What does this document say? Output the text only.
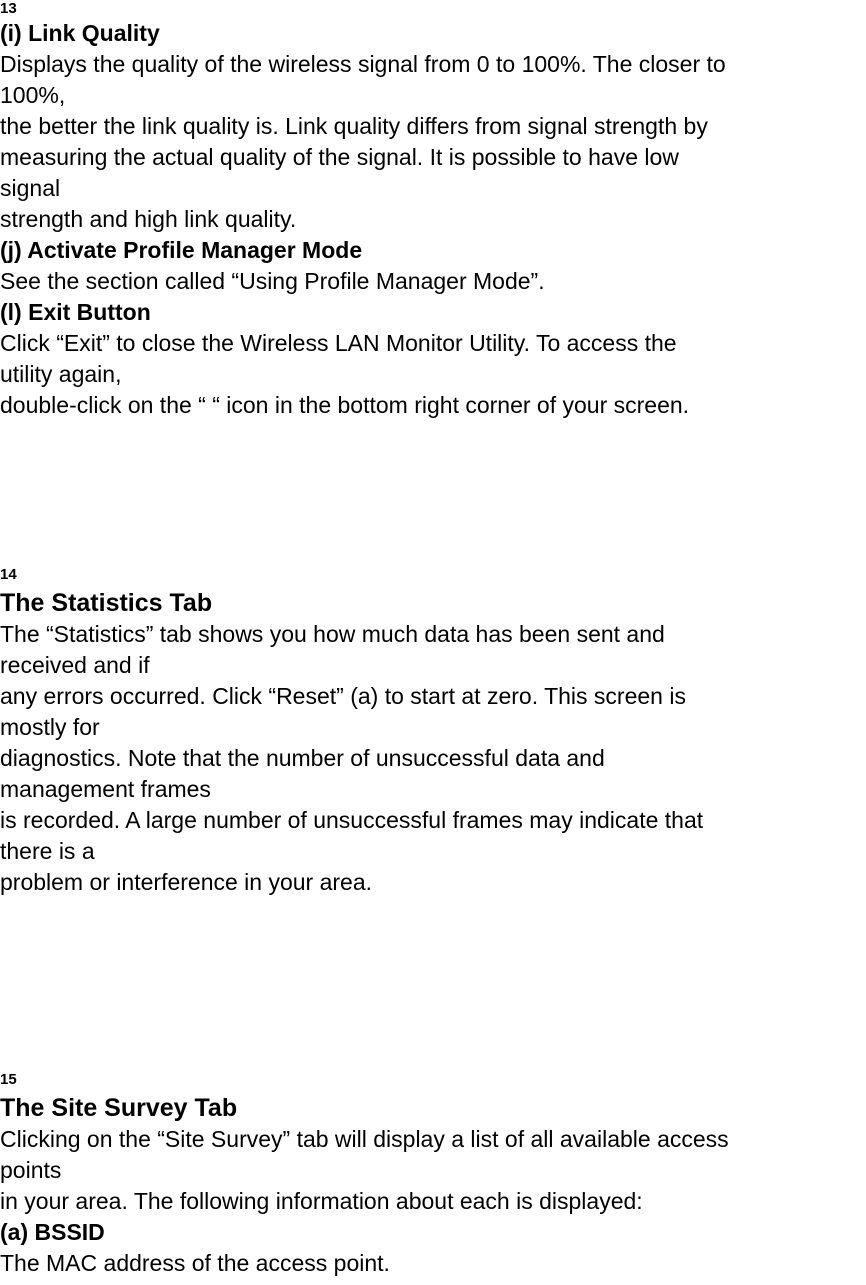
13

(i) Link Quality

Displays the quality of the wireless signal from 0 to 100%. The closer to

100%,

the better the link quality is. Link quality differs from signal strength by

measuring the actual quality of the signal. It is possible to have low

signal

strength and high link quality.

(j) Activate Profile Manager Mode

See the section called “Using Profile Manager Mode”.

(l) Exit Button

Click “Exit” to close the Wireless LAN Monitor Utility. To access the

utility again,

double-click on the “ “ icon in the bottom right corner of your screen.

14

The Statistics Tab

The “Statistics” tab shows you how much data has been sent and

received and if

any errors occurred. Click “Reset” (a) to start at zero. This screen is

mostly for

diagnostics. Note that the number of unsuccessful data and

management frames

is recorded. A large number of unsuccessful frames may indicate that

there is a

problem or interference in your area.

15

The Site Survey Tab

Clicking on the “Site Survey” tab will display a list of all available access

points

in your area. The following information about each is displayed:

(a) BSSID

The MAC address of the access point.
